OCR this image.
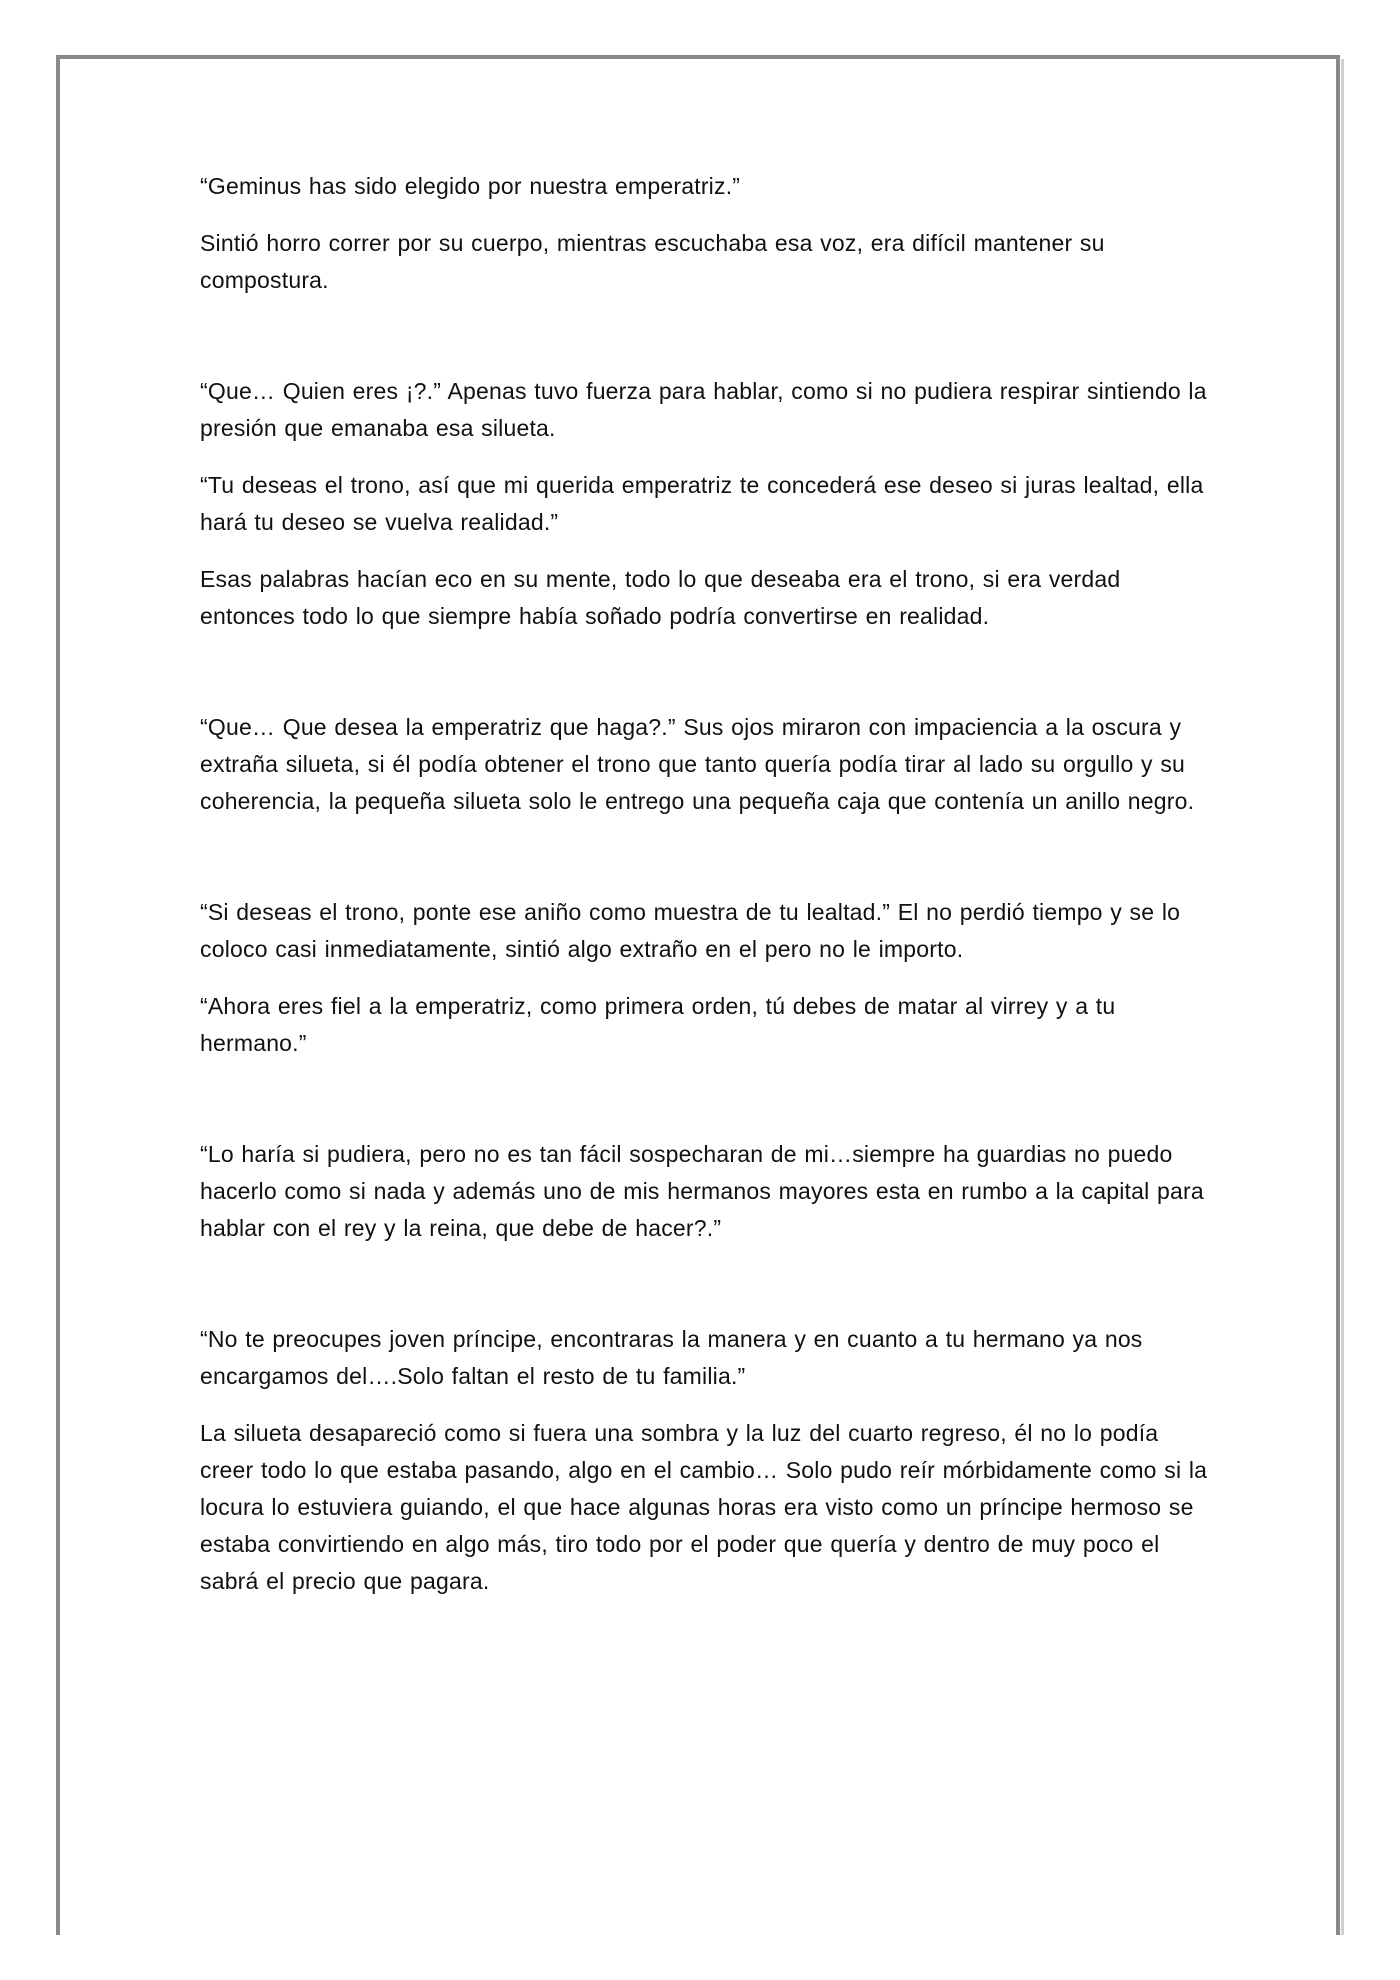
“Geminus has sido elegido por nuestra emperatriz.”

Sintió horro correr por su cuerpo, mientras escuchaba esa voz, era difícil mantener su compostura.

“Que… Quien eres ¡?.” Apenas tuvo fuerza para hablar, como si no pudiera respirar sintiendo la presión que emanaba esa silueta.

“Tu deseas el trono, así que mi querida emperatriz te concederá ese deseo si juras lealtad, ella hará tu deseo se vuelva realidad.”

Esas palabras hacían eco en su mente, todo lo que deseaba era el trono, si era verdad entonces todo lo que siempre había soñado podría convertirse en realidad.

“Que… Que desea la emperatriz que haga?.” Sus ojos miraron con impaciencia a la oscura y extraña silueta, si él podía obtener el trono que tanto quería podía tirar al lado su orgullo y su coherencia, la pequeña silueta solo le entrego una pequeña caja que contenía un anillo negro.

“Si deseas el trono, ponte ese aniño como muestra de tu lealtad.” El no perdió tiempo y se lo coloco casi inmediatamente, sintió algo extraño en el pero no le importo.

“Ahora eres fiel a la emperatriz, como primera orden, tú debes de matar al virrey y a tu hermano.”

“Lo haría si pudiera, pero no es tan fácil sospecharan de mi…siempre ha guardias no puedo hacerlo como si nada y además uno de mis hermanos mayores esta en rumbo a la capital para hablar con el rey y la reina, que debe de hacer?.”

“No te preocupes joven príncipe, encontraras la manera y en cuanto a tu hermano ya nos encargamos del….Solo faltan el resto de tu familia.”

La silueta desapareció como si fuera una sombra y la luz del cuarto regreso, él no lo podía creer todo lo que estaba pasando, algo en el cambio… Solo pudo reír mórbidamente como si la locura lo estuviera guiando, el que hace algunas horas era visto como un príncipe hermoso se estaba convirtiendo en algo más, tiro todo por el poder que quería y dentro de muy poco el sabrá el precio que pagara.
